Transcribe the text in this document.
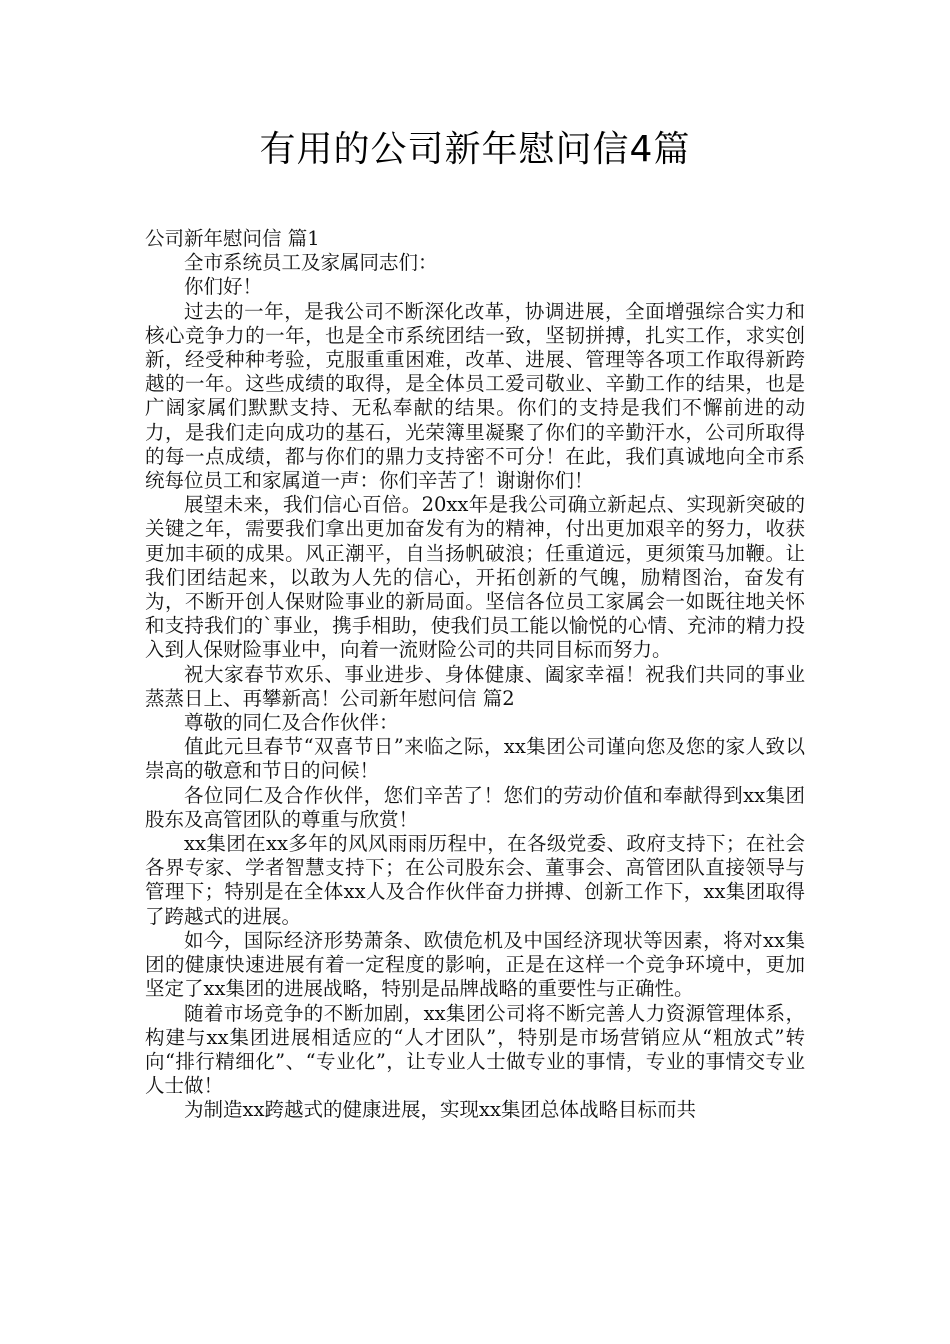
有用的公司新年慰问信4篇

公司新年慰问信 篇1

全市系统员工及家属同志们：

你们好！

过去的一年，是我公司不断深化改革，协调进展，全面增强综合实力和核心竞争力的一年，也是全市系统团结一致，坚韧拼搏，扎实工作，求实创新，经受种种考验，克服重重困难，改革、进展、管理等各项工作取得新跨越的一年。这些成绩的取得，是全体员工爱司敬业、辛勤工作的结果，也是广阔家属们默默支持、无私奉献的结果。你们的支持是我们不懈前进的动力，是我们走向成功的基石，光荣簿里凝聚了你们的辛勤汗水，公司所取得的每一点成绩，都与你们的鼎力支持密不可分！在此，我们真诚地向全市系统每位员工和家属道一声：你们辛苦了！谢谢你们！

展望未来，我们信心百倍。20xx年是我公司确立新起点、实现新突破的关键之年，需要我们拿出更加奋发有为的精神，付出更加艰辛的努力，收获更加丰硕的成果。风正潮平，自当扬帆破浪；任重道远，更须策马加鞭。让我们团结起来，以敢为人先的信心，开拓创新的气魄，励精图治，奋发有为，不断开创人保财险事业的新局面。坚信各位员工家属会一如既往地关怀和支持我们的`事业，携手相助，使我们员工能以愉悦的心情、充沛的精力投入到人保财险事业中，向着一流财险公司的共同目标而努力。

祝大家春节欢乐、事业进步、身体健康、阖家幸福！祝我们共同的事业蒸蒸日上、再攀新高！公司新年慰问信 篇2

尊敬的同仁及合作伙伴：

值此元旦春节“双喜节日”来临之际，xx集团公司谨向您及您的家人致以崇高的敬意和节日的问候！

各位同仁及合作伙伴，您们辛苦了！您们的劳动价值和奉献得到xx集团股东及高管团队的尊重与欣赏！

xx集团在xx多年的风风雨雨历程中，在各级党委、政府支持下；在社会各界专家、学者智慧支持下；在公司股东会、董事会、高管团队直接领导与管理下；特别是在全体xx人及合作伙伴奋力拼搏、创新工作下，xx集团取得了跨越式的进展。

如今，国际经济形势萧条、欧债危机及中国经济现状等因素，将对xx集团的健康快速进展有着一定程度的影响，正是在这样一个竞争环境中，更加坚定了xx集团的进展战略，特别是品牌战略的重要性与正确性。

随着市场竞争的不断加剧，xx集团公司将不断完善人力资源管理体系，构建与xx集团进展相适应的“人才团队”，特别是市场营销应从“粗放式”转向“排行精细化”、“专业化”，让专业人士做专业的事情，专业的事情交专业人士做！

为制造xx跨越式的健康进展，实现xx集团总体战略目标而共
